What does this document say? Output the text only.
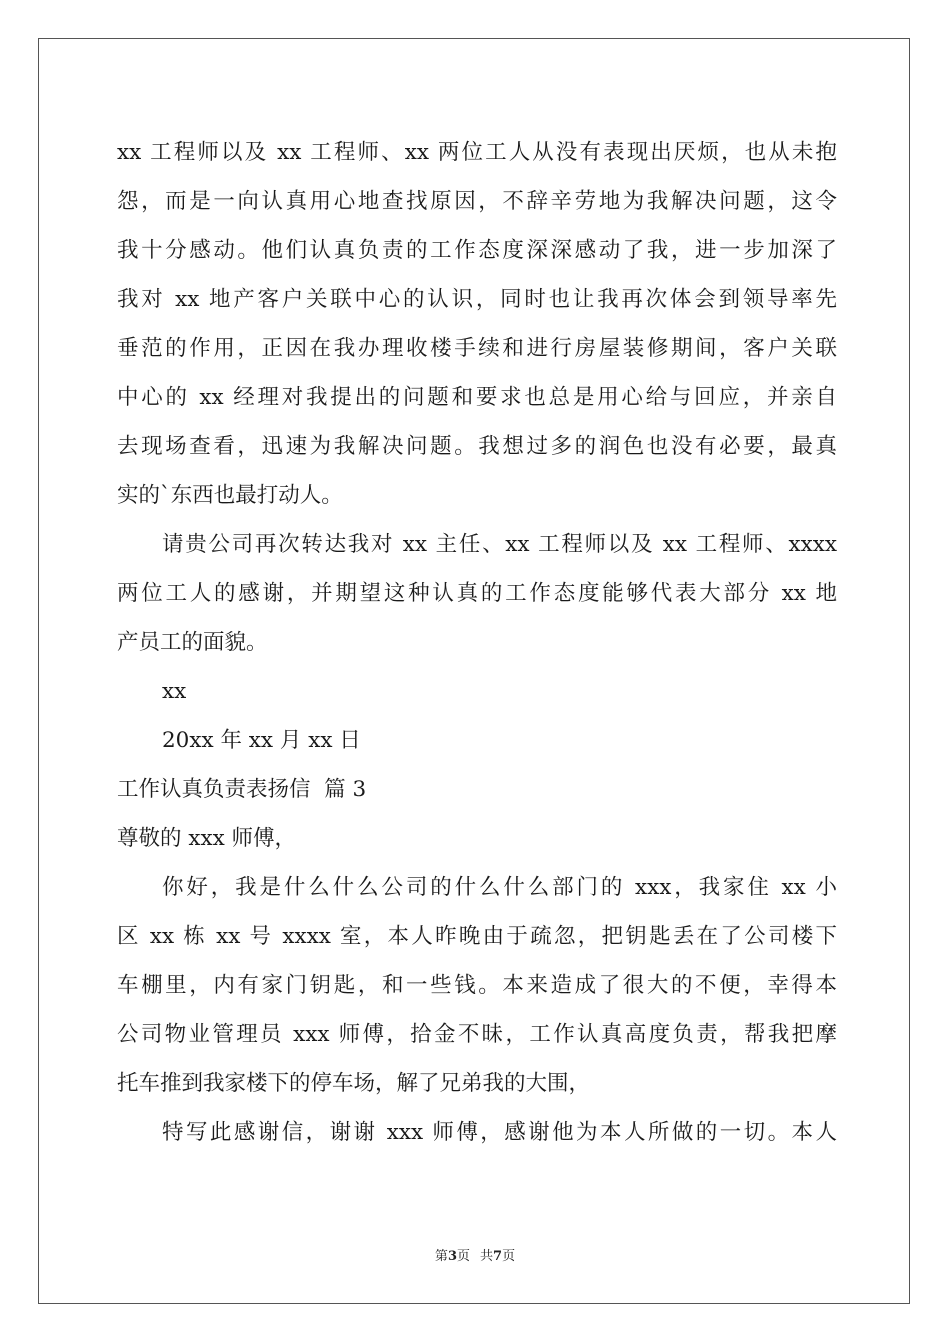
xx 工程师以及 xx 工程师、xx 两位工人从没有表现出厌烦，也从未抱
怨，而是一向认真用心地查找原因，不辞辛劳地为我解决问题，这令
我十分感动。他们认真负责的工作态度深深感动了我，进一步加深了
我对 xx 地产客户关联中心的认识，同时也让我再次体会到领导率先
垂范的作用，正因在我办理收楼手续和进行房屋装修期间，客户关联
中心的 xx 经理对我提出的问题和要求也总是用心给与回应，并亲自
去现场查看，迅速为我解决问题。我想过多的润色也没有必要，最真
实的`东西也最打动人。
请贵公司再次转达我对 xx 主任、xx 工程师以及 xx 工程师、xxxx
两位工人的感谢，并期望这种认真的工作态度能够代表大部分 xx 地
产员工的面貌。
xx
20xx 年 xx 月 xx 日
工作认真负责表扬信  篇 3
尊敬的 xxx 师傅，
你好，我是什么什么公司的什么什么部门的 xxx，我家住 xx 小
区 xx 栋 xx 号 xxxx 室，本人昨晚由于疏忽，把钥匙丢在了公司楼下
车棚里，内有家门钥匙，和一些钱。本来造成了很大的不便，幸得本
公司物业管理员 xxx 师傅，拾金不昧，工作认真高度负责，帮我把摩
托车推到我家楼下的停车场，解了兄弟我的大围，
特写此感谢信，谢谢 xxx 师傅，感谢他为本人所做的一切。本人
第3页 共7页
